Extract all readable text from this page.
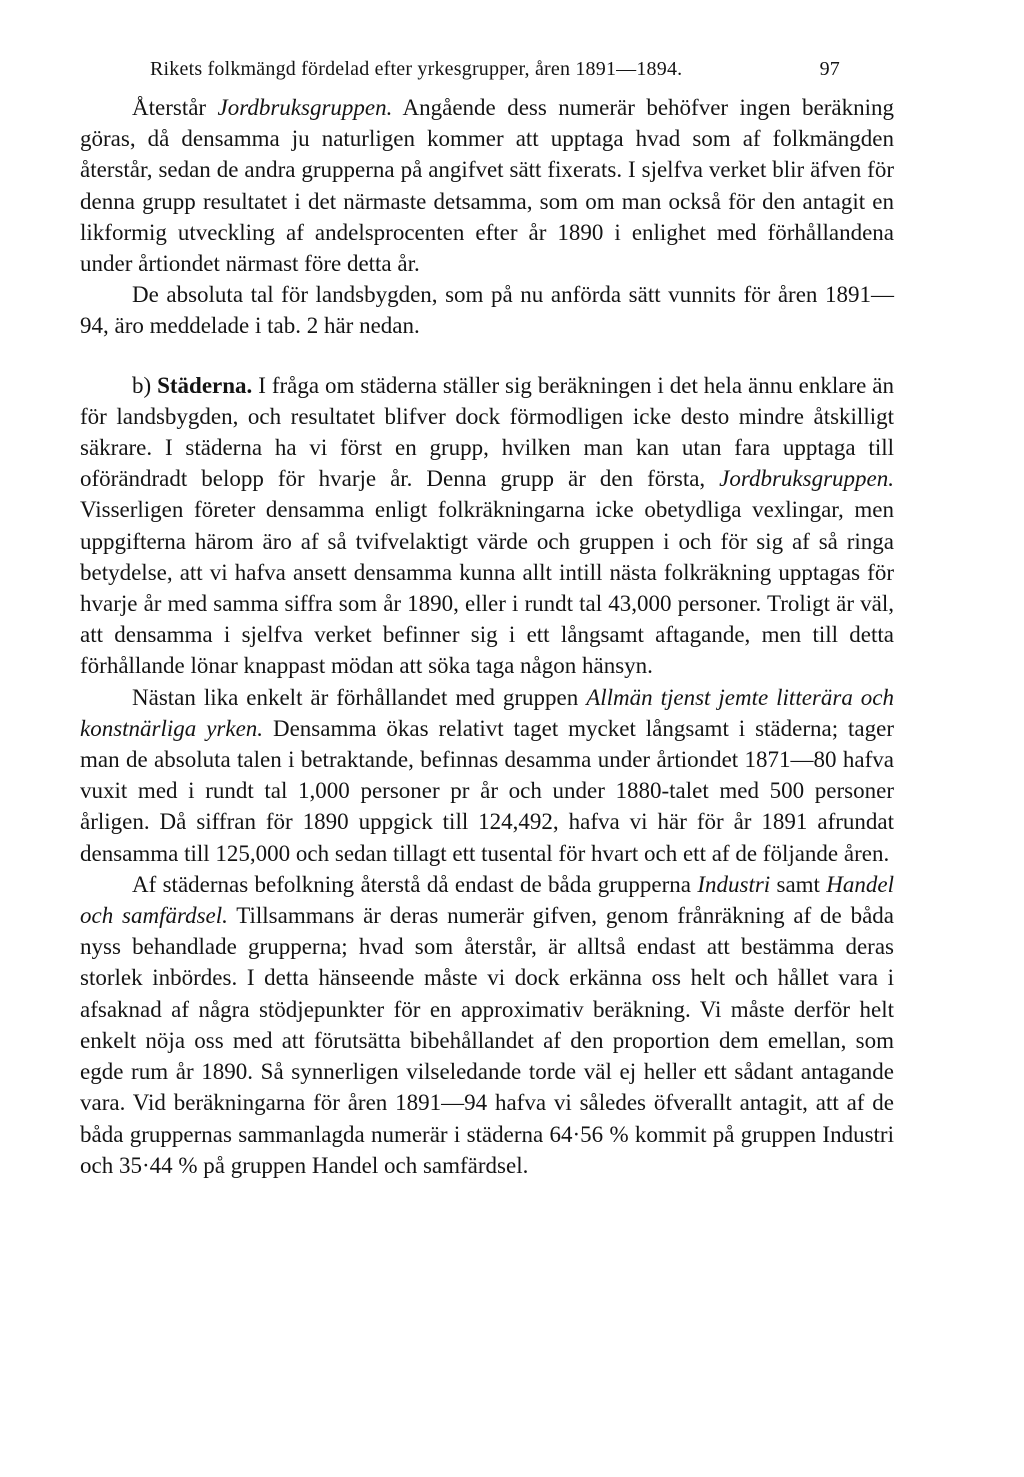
Rikets folkmängd fördelad efter yrkesgrupper, åren 1891—1894.	97

Återstår Jordbruksgruppen. Angående dess numerär behöfver ingen beräkning göras, då densamma ju naturligen kommer att upptaga hvad som af folkmängden återstår, sedan de andra grupperna på angifvet sätt fixerats. I sjelfva verket blir äfven för denna grupp resultatet i det närmaste detsamma, som om man också för den antagit en likformig utveckling af andelsprocenten efter år 1890 i enlighet med förhållandena under årtiondet närmast före detta år.

De absoluta tal för landsbygden, som på nu anförda sätt vunnits för åren 1891—94, äro meddelade i tab. 2 här nedan.

b) Städerna. I fråga om städerna ställer sig beräkningen i det hela ännu enklare än för landsbygden, och resultatet blifver dock förmodligen icke desto mindre åtskilligt säkrare. I städerna ha vi först en grupp, hvilken man kan utan fara upptaga till oförändradt belopp för hvarje år. Denna grupp är den första, Jordbruksgruppen. Visserligen företer densamma enligt folkräkningarna icke obetydliga vexlingar, men uppgifterna härom äro af så tvifvelaktigt värde och gruppen i och för sig af så ringa betydelse, att vi hafva ansett densamma kunna allt intill nästa folkräkning upptagas för hvarje år med samma siffra som år 1890, eller i rundt tal 43,000 personer. Troligt är väl, att densamma i sjelfva verket befinner sig i ett långsamt aftagande, men till detta förhållande lönar knappast mödan att söka taga någon hänsyn.

Nästan lika enkelt är förhållandet med gruppen Allmän tjenst jemte litterära och konstnärliga yrken. Densamma ökas relativt taget mycket långsamt i städerna; tager man de absoluta talen i betraktande, befinnas desamma under årtiondet 1871—80 hafva vuxit med i rundt tal 1,000 personer pr år och under 1880-talet med 500 personer årligen. Då siffran för 1890 uppgick till 124,492, hafva vi här för år 1891 afrundat densamma till 125,000 och sedan tillagt ett tusental för hvart och ett af de följande åren.

Af städernas befolkning återstå då endast de båda grupperna Industri samt Handel och samfärdsel. Tillsammans är deras numerär gifven, genom frånräkning af de båda nyss behandlade grupperna; hvad som återstår, är alltså endast att bestämma deras storlek inbördes. I detta hänseende måste vi dock erkänna oss helt och hållet vara i afsaknad af några stödjepunkter för en approximativ beräkning. Vi måste derför helt enkelt nöja oss med att förutsätta bibehållandet af den proportion dem emellan, som egde rum år 1890. Så synnerligen vilseledande torde väl ej heller ett sådant antagande vara. Vid beräkningarna för åren 1891—94 hafva vi således öfverallt antagit, att af de båda gruppernas sammanlagda numerär i städerna 64·56 % kommit på gruppen Industri och 35·44 % på gruppen Handel och samfärdsel.
